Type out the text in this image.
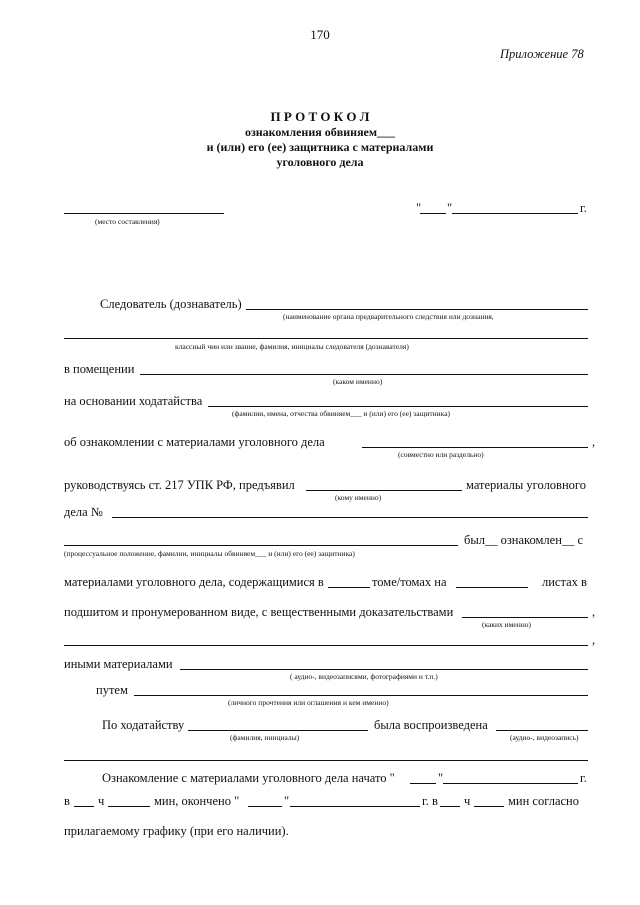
170
Приложение 78
П Р О Т О К О Л
ознакомления обвиняем___
и (или) его (ее) защитника с материалами
уголовного дела
(место составления)
" "	г.
Следователь (дознаватель)
(наименование органа предварительного следствия или дознания,
классный чин или звание, фамилия, инициалы следователя (дознавателя)
в помещении
(каком именно)
на основании ходатайства
(фамилии, имена, отчества обвиняем___ и (или) его (ее) защитника)
об ознакомлении с материалами уголовного дела	,
(совместно или раздельно)
руководствуясь ст. 217 УПК РФ, предъявил	материалы уголовного
(кому именно)
дела №
был__ ознакомлен__ с
(процессуальное положение, фамилии, инициалы обвиняем___ и (или) его (ее) защитника)
материалами уголовного дела, содержащимися в	томе/томах на	листах в
подшитом и пронумерованном виде, с вещественными доказательствами	,
(каких именно)
,
иными материалами
( аудио-, видеозаписями, фотографиями и т.п.)
путем
(личного прочтения или оглашения и кем именно)
По ходатайству
(фамилия, инициалы)
была воспроизведена
(аудио-, видеозапись)
Ознакомление с материалами уголовного дела начато "	"	г.
в ч	мин, окончено "	"	г. в ч	мин согласно
прилагаемому графику (при его наличии).
